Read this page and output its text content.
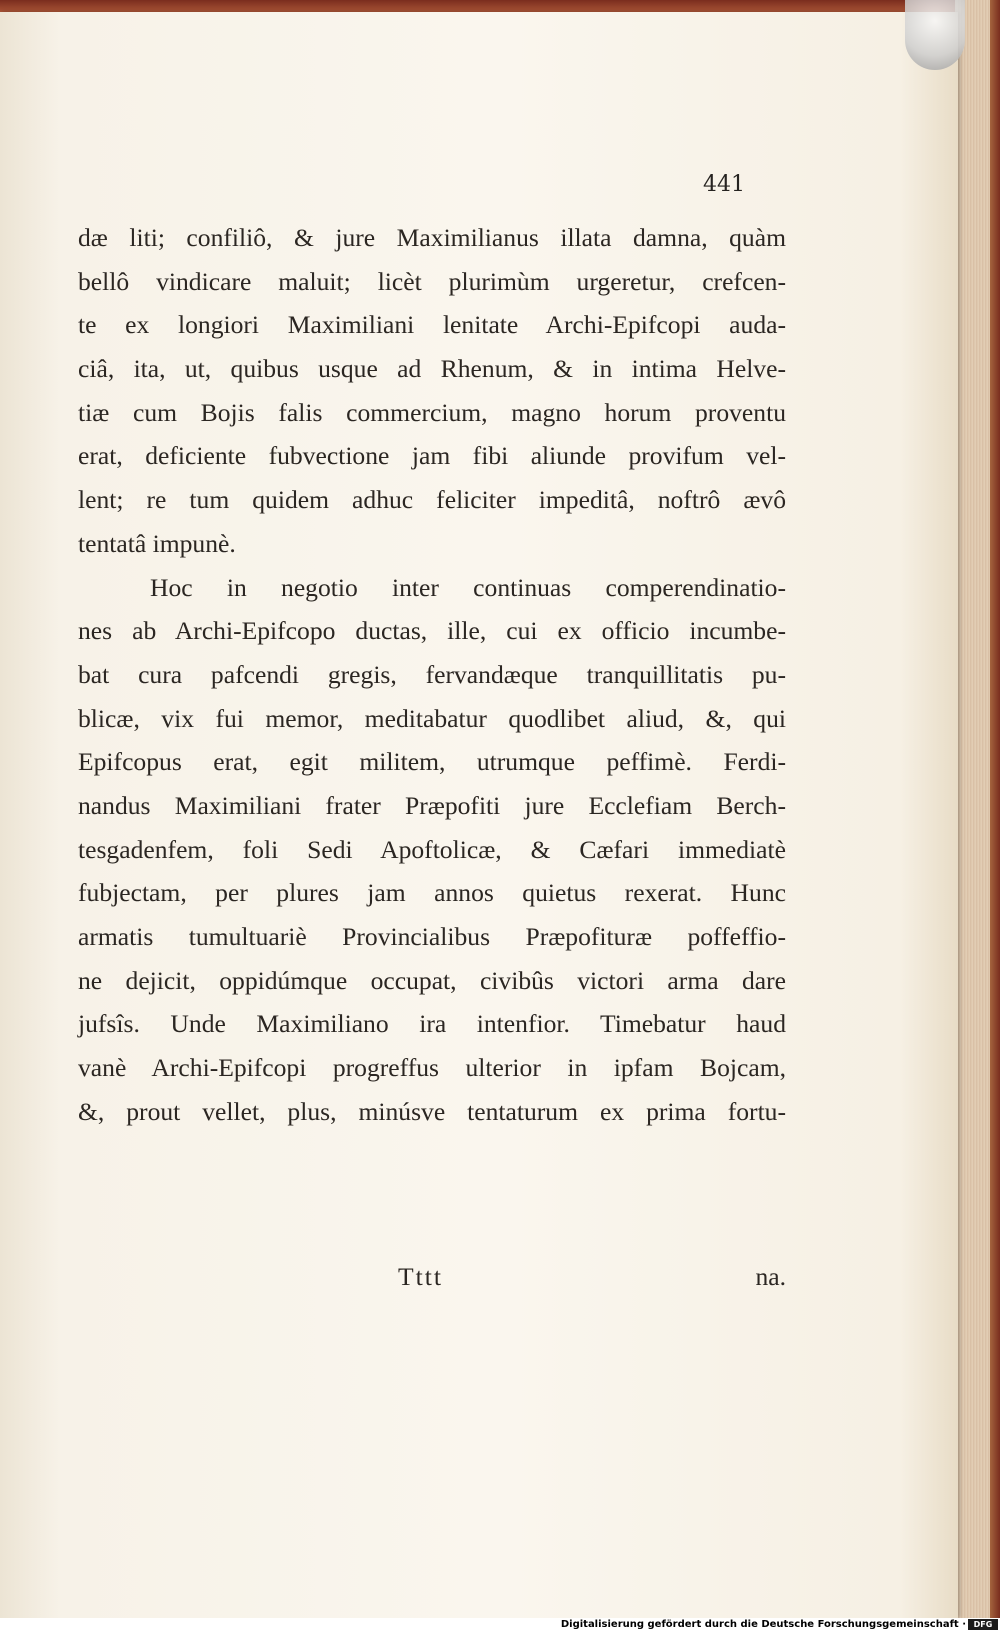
441
dæ liti; confiliô, & jure Maximilianus illata damna, quàm
bellô vindicare maluit; licèt plurimùm urgeretur, crefcen-
te ex longiori Maximiliani lenitate Archi-Epifcopi auda-
ciâ, ita, ut, quibus usque ad Rhenum, & in intima Helve-
tiæ cum Bojis falis commercium, magno horum proventu
erat, deficiente fubvectione jam fibi aliunde provifum vel-
lent; re tum quidem adhuc feliciter impeditâ, noftrô ævô
tentatâ impunè.
Hoc in negotio inter continuas comperendinatio-
nes ab Archi-Epifcopo ductas, ille, cui ex officio incumbe-
bat cura pafcendi gregis, fervandæque tranquillitatis pu-
blicæ, vix fui memor, meditabatur quodlibet aliud, &, qui
Epifcopus erat, egit militem, utrumque peffimè. Ferdi-
nandus Maximiliani frater Præpofiti jure Ecclefiam Berch-
tesgadenfem, foli Sedi Apoftolicæ, & Cæfari immediatè
fubjectam, per plures jam annos quietus rexerat. Hunc
armatis tumultuariè Provincialibus Præpofituræ poffeffio-
ne dejicit, oppidúmque occupat, civibûs victori arma dare
jufsîs. Unde Maximiliano ira intenfior. Timebatur haud
vanè Archi-Epifcopi progreffus ulterior in ipfam Bojcam,
&, prout vellet, plus, minúsve tentaturum ex prima fortu-
Tttt	na.
Digitalisierung gefördert durch die Deutsche Forschungsgemeinschaft · DFG
